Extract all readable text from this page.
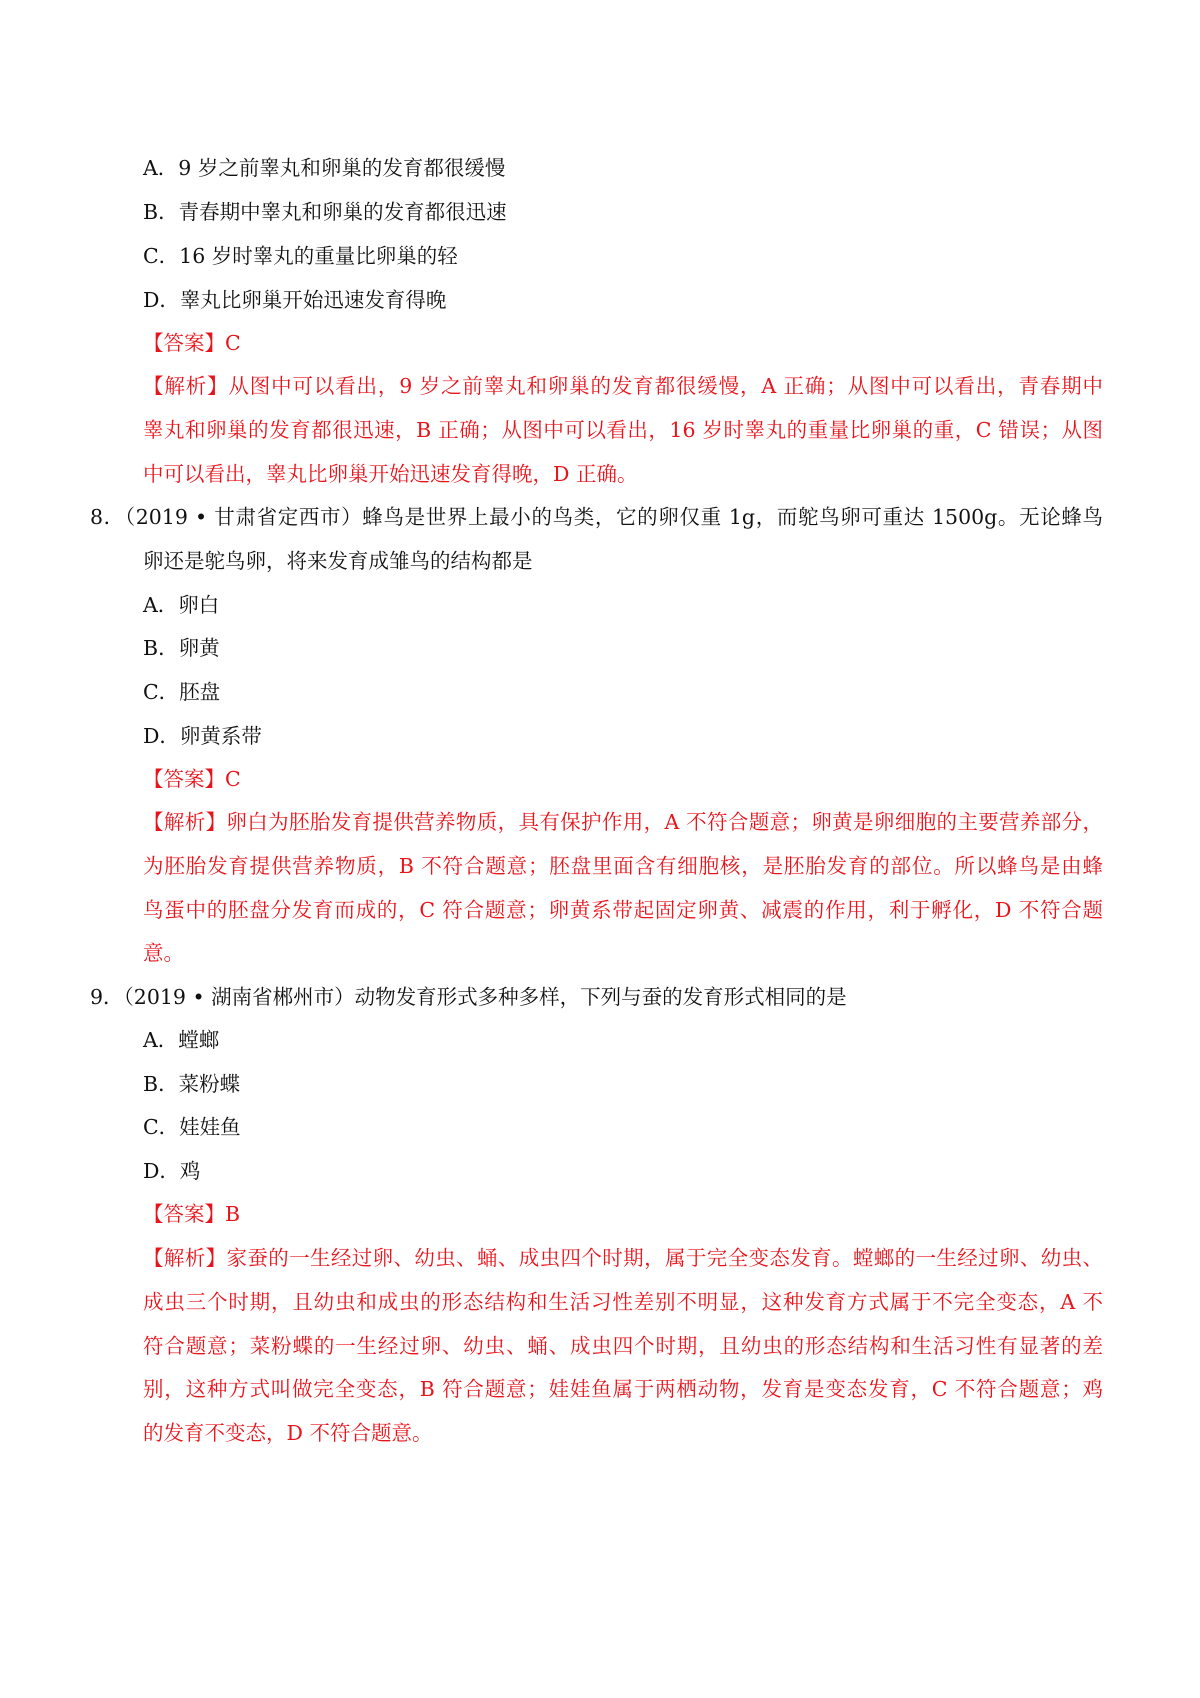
A．9 岁之前睾丸和卵巢的发育都很缓慢
B．青春期中睾丸和卵巢的发育都很迅速
C．16 岁时睾丸的重量比卵巢的轻
D．睾丸比卵巢开始迅速发育得晚
【答案】C
【解析】从图中可以看出，9 岁之前睾丸和卵巢的发育都很缓慢，A 正确；从图中可以看出，青春期中
睾丸和卵巢的发育都很迅速，B 正确；从图中可以看出，16 岁时睾丸的重量比卵巢的重，C 错误；从图
中可以看出，睾丸比卵巢开始迅速发育得晚，D 正确。
8．（2019 • 甘肃省定西市）蜂鸟是世界上最小的鸟类，它的卵仅重 1g，而鸵鸟卵可重达 1500g。无论蜂鸟
卵还是鸵鸟卵，将来发育成雏鸟的结构都是
A．卵白
B．卵黄
C．胚盘
D．卵黄系带
【答案】C
【解析】卵白为胚胎发育提供营养物质，具有保护作用，A 不符合题意；卵黄是卵细胞的主要营养部分，
为胚胎发育提供营养物质，B 不符合题意；胚盘里面含有细胞核，是胚胎发育的部位。所以蜂鸟是由蜂
鸟蛋中的胚盘分发育而成的，C 符合题意；卵黄系带起固定卵黄、减震的作用，利于孵化，D 不符合题
意。
9．（2019 • 湖南省郴州市）动物发育形式多种多样，下列与蚕的发育形式相同的是
A．螳螂
B．菜粉蝶
C．娃娃鱼
D．鸡
【答案】B
【解析】家蚕的一生经过卵、幼虫、蛹、成虫四个时期，属于完全变态发育。螳螂的一生经过卵、幼虫、
成虫三个时期，且幼虫和成虫的形态结构和生活习性差别不明显，这种发育方式属于不完全变态，A 不
符合题意；菜粉蝶的一生经过卵、幼虫、蛹、成虫四个时期，且幼虫的形态结构和生活习性有显著的差
别，这种方式叫做完全变态，B 符合题意；娃娃鱼属于两栖动物，发育是变态发育，C 不符合题意；鸡
的发育不变态，D 不符合题意。
